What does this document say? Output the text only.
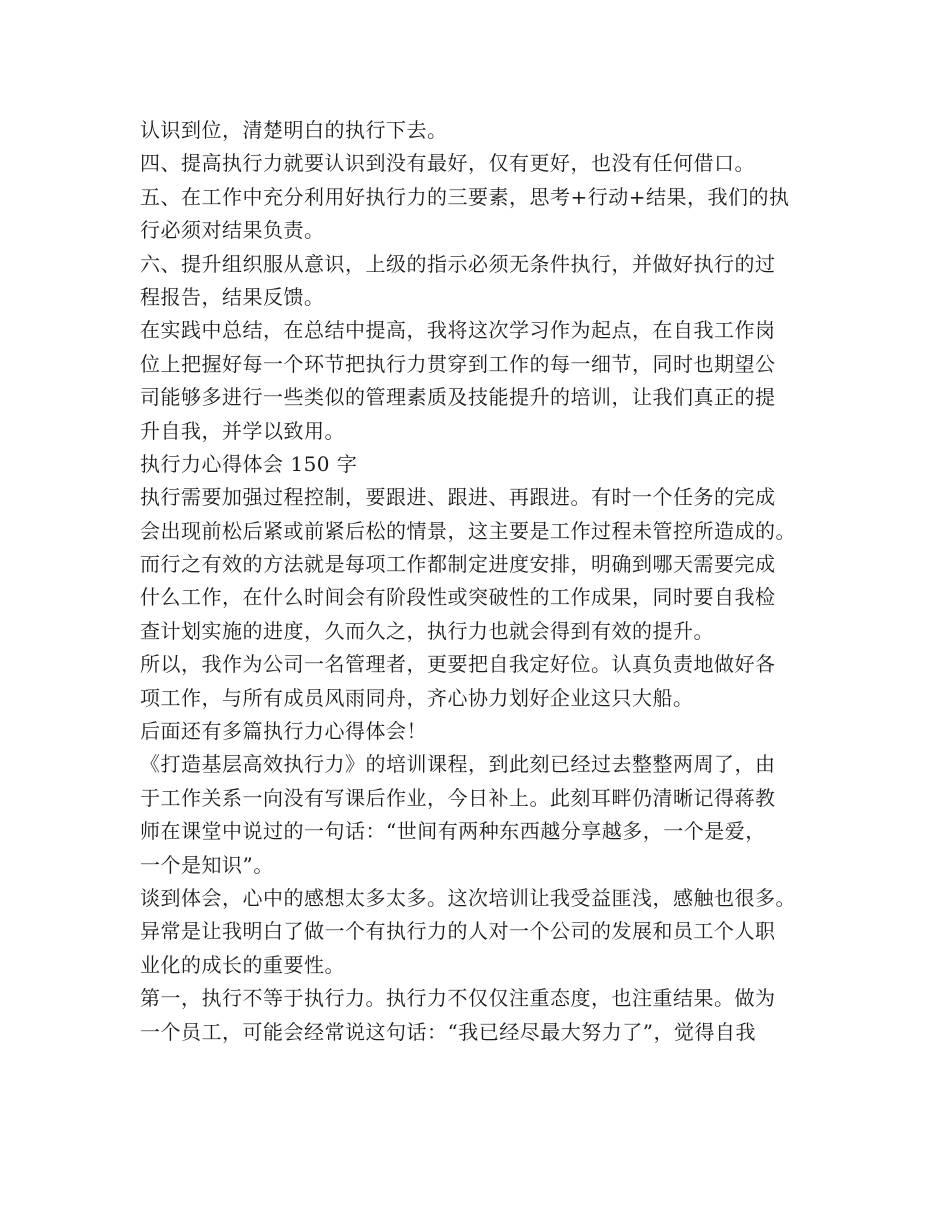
认识到位，清楚明白的执行下去。
四、提高执行力就要认识到没有最好，仅有更好，也没有任何借口。
五、在工作中充分利用好执行力的三要素，思考+行动+结果，我们的执
行必须对结果负责。
六、提升组织服从意识，上级的指示必须无条件执行，并做好执行的过
程报告，结果反馈。
在实践中总结，在总结中提高，我将这次学习作为起点，在自我工作岗
位上把握好每一个环节把执行力贯穿到工作的每一细节，同时也期望公
司能够多进行一些类似的管理素质及技能提升的培训，让我们真正的提
升自我，并学以致用。
执行力心得体会 150 字
执行需要加强过程控制，要跟进、跟进、再跟进。有时一个任务的完成
会出现前松后紧或前紧后松的情景，这主要是工作过程未管控所造成的。
而行之有效的方法就是每项工作都制定进度安排，明确到哪天需要完成
什么工作，在什么时间会有阶段性或突破性的工作成果，同时要自我检
查计划实施的进度，久而久之，执行力也就会得到有效的提升。
所以，我作为公司一名管理者，更要把自我定好位。认真负责地做好各
项工作，与所有成员风雨同舟，齐心协力划好企业这只大船。
后面还有多篇执行力心得体会！
《打造基层高效执行力》的培训课程，到此刻已经过去整整两周了，由
于工作关系一向没有写课后作业，今日补上。此刻耳畔仍清晰记得蒋教
师在课堂中说过的一句话：“世间有两种东西越分享越多，一个是爱，
一个是知识”。
谈到体会，心中的感想太多太多。这次培训让我受益匪浅，感触也很多。
异常是让我明白了做一个有执行力的人对一个公司的发展和员工个人职
业化的成长的重要性。
第一，执行不等于执行力。执行力不仅仅注重态度，也注重结果。做为
一个员工，可能会经常说这句话：“我已经尽最大努力了”，觉得自我
